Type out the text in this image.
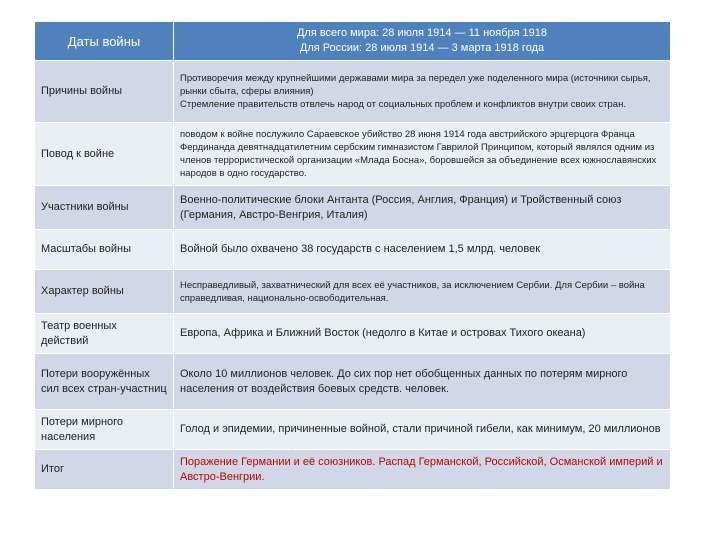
Даты войны	Для всего мира: 28 июля 1914 — 11 ноября 1918
Для России: 28 июля 1914 — 3 марта 1918 года
Причины войны	Противоречия между крупнейшими державами мира за передел уже поделенного мира (источники сырья, рынки сбыта, сферы влияния)
Стремление правительств отвлечь народ от социальных проблем и конфликтов внутри своих стран.
Повод к войне	поводом к войне послужило Сараевское убийство 28 июня 1914 года австрийского эрцгерцога Франца Фердинанда девятнадцатилетним сербским гимназистом Гаврилой Принципом, который являлся одним из членов террористической организации «Млада Босна», боровшейся за объединение всех южнославянских народов в одно государство.
Участники войны	Военно-политические блоки Антанта (Россия, Англия, Франция) и Тройственный союз (Германия, Австро-Венгрия, Италия)
Масштабы войны	Войной было охвачено 38 государств с населением 1,5 млрд. человек
Характер войны	Несправедливый, захватнический для всех её участников, за исключением Сербии. Для Сербии – война справедливая, национально-освободительная.
Театр военных действий	Европа, Африка и Ближний Восток (недолго в Китае и островах Тихого океана)
Потери вооружённых сил всех стран-участниц	Около 10 миллионов человек. До сих пор нет обобщенных данных по потерям мирного населения от воздействия боевых средств. человек.
Потери мирного населения	Голод и эпидемии, причиненные войной, стали причиной гибели, как минимум, 20 миллионов
Итог	Поражение Германии и её союзников. Распад Германской, Российской, Османской империй и Австро-Венгрии.
